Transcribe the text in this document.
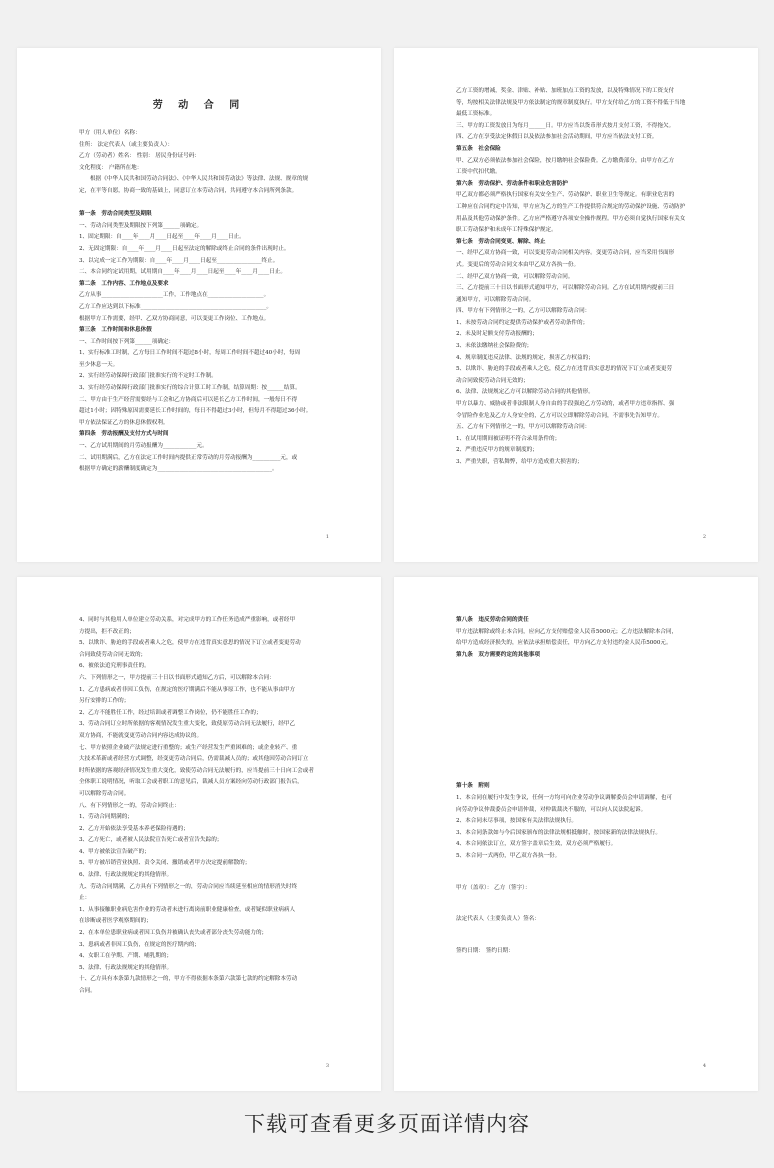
劳 动 合 同
甲方（用人单位）名称：
住所： 法定代表人（或主要负责人）：
乙方（劳动者）姓名： 性别： 居民身份证号码：
文化程度： 户籍所在地：
根据《中华人民共和国劳动合同法》、《中华人民共和国劳动法》等法律、法规、规章的规
定，在平等自愿，协商一致的基础上，同意订立本劳动合同，共同遵守本合同所列条款。
第一条　劳动合同类型及期限
一、劳动合同类型及期限按下列第______项确定。
1、固定期限：自____年____月____日起至____年____月____日止。
2、无固定期限：自____年____月____日起至法定的解除或终止合同的条件出现时止。
3、以完成一定工作为期限：自____年____月____日起至________________终止。
二、本合同约定试用期，试用期自____年____月____日起至____年____月____日止。
第二条　工作内容、工作地点及要求
乙方从事______________________工作，工作地点在____________________。
乙方工作应达到以下标准_____________________________________________。
根据甲方工作需要，经甲、乙双方协商同意，可以变更工作岗位、工作地点。
第三条　工作时间和休息休假
一、工作时间按下列第______项确定：
1、实行标准工时制，乙方每日工作时间不超过8小时，每周工作时间不超过40小时，每周
至少休息一天。
2、实行经劳动保障行政部门批准实行的不定时工作制。
3、实行经劳动保障行政部门批准实行的综合计算工时工作制，结算周期：按______结算。
二、甲方由于生产经营需要经与工会和乙方协商后可以延长乙方工作时间，一般每日不得
超过1小时；因特殊原因需要延长工作时间的，每日不得超过3小时，但每月不得超过36小时。
甲方依法保证乙方的休息休假权利。
第四条　劳动报酬及支付方式与时间
一、乙方试用期间的月劳动报酬为____________元。
二、试用期满后，乙方在法定工作时间内提供正常劳动的月劳动报酬为__________元，或
根据甲方确定的薪酬制度确定为_________________________________________。
1
乙方工资的增减，奖金、津贴、补贴、加班加点工资的发放，以及特殊情况下的工资支付
等，均按相关法律法规及甲方依法制定的规章制度执行。甲方支付给乙方的工资不得低于当地
最低工资标准。
三、甲方的工资发放日为每月______日。甲方应当以货币形式按月支付工资，不得拖欠。
四、乙方在享受法定休假日以及依法参加社会活动期间，甲方应当依法支付工资。
第五条　社会保险
甲、乙双方必须依法参加社会保险，按月缴纳社会保险费。乙方缴费部分，由甲方在乙方
工资中代扣代缴。
第六条　劳动保护、劳动条件和职业危害防护
甲乙双方都必须严格执行国家有关安全生产、劳动保护、职业卫生等规定。有职业危害的
工种应在合同约定中告知，甲方应为乙方的生产工作提供符合规定的劳动保护设施、劳动防护
用品及其他劳动保护条件。乙方应严格遵守各项安全操作规程。甲方必须自觉执行国家有关女
职工劳动保护和未成年工特殊保护规定。
第七条　劳动合同变更、解除、终止
一、经甲乙双方协商一致，可以变更劳动合同相关内容。变更劳动合同，应当采用书面形
式。变更后的劳动合同文本由甲乙双方各执一份。
二、经甲乙双方协商一致，可以解除劳动合同。
三、乙方提前三十日以书面形式通知甲方，可以解除劳动合同。乙方在试用期内提前三日
通知甲方，可以解除劳动合同。
四、甲方有下列情形之一的，乙方可以解除劳动合同：
1、未按劳动合同约定提供劳动保护或者劳动条件的；
2、未及时足额支付劳动报酬的；
3、未依法缴纳社会保险费的；
4、规章制度违反法律、法规的规定，损害乙方权益的；
5、以欺诈、胁迫的手段或者乘人之危，使乙方在违背真实意思的情况下订立或者变更劳
动合同致使劳动合同无效的；
6、法律、法规规定乙方可以解除劳动合同的其他情形。
甲方以暴力、威胁或者非法限制人身自由的手段强迫乙方劳动的，或者甲方违章指挥、强
令冒险作业危及乙方人身安全的，乙方可以立即解除劳动合同，不需事先告知甲方。
五、乙方有下列情形之一的，甲方可以解除劳动合同：
1、在试用期间被证明不符合录用条件的；
2、严重违反甲方的规章制度的；
3、严重失职，营私舞弊，给甲方造成重大损害的；
2
4、同时与其他用人单位建立劳动关系，对完成甲方的工作任务造成严重影响，或者经甲
方提出，拒不改正的；
5、以欺诈、胁迫的手段或者乘人之危，使甲方在违背真实意思的情况下订立或者变更劳动
合同致使劳动合同无效的；
6、被依法追究刑事责任的。
六、下列情形之一，甲方提前三十日以书面形式通知乙方后，可以解除本合同：
1、乙方患病或者非因工负伤，在规定的医疗期满后不能从事原工作，也不能从事由甲方
另行安排的工作的；
2、乙方不能胜任工作，经过培训或者调整工作岗位，仍不能胜任工作的；
3、劳动合同订立时所依据的客观情况发生重大变化，致使原劳动合同无法履行，经甲乙
双方协商，不能就变更劳动合同内容达成协议的。
七、甲方依照企业破产法规定进行重整的；或生产经营发生严重困难的；或企业转产、重
大技术革新或者经营方式调整，经变更劳动合同后，仍需裁减人员的；或其他因劳动合同订立
时所依据的客观经济情况发生重大变化，致使劳动合同无法履行的，应当提前三十日向工会或者
全体职工说明情况，听取工会或者职工的意见后，裁减人员方案经向劳动行政部门报告后，
可以解除劳动合同。
八、有下列情形之一的，劳动合同终止：
1、劳动合同期满的；
2、乙方开始依法享受基本养老保险待遇的；
3、乙方死亡，或者被人民法院宣告死亡或者宣告失踪的；
4、甲方被依法宣告破产的；
5、甲方被吊销营业执照、责令关闭、撤销或者甲方决定提前解散的；
6、法律、行政法规规定的其他情形。
九、劳动合同期满，乙方具有下列情形之一的，劳动合同应当续延至相应的情形消失时终
止：
1、从事接触职业病危害作业的劳动者未进行离岗前职业健康检查，或者疑似职业病病人
在诊断或者医学观察期间的；
2、在本单位患职业病或者因工负伤并被确认丧失或者部分丧失劳动能力的；
3、患病或者非因工负伤，在规定的医疗期内的；
4、女职工在孕期、产期、哺乳期的；
5、法律、行政法规规定的其他情形。
十、乙方具有本条第九款情形之一的，甲方不得依据本条第六款第七款的约定解除本劳动
合同。
3
第八条　违反劳动合同的责任
甲方违法解除或终止本合同，应向乙方支付赔偿金人民币5000元；乙方违法解除本合同，
给甲方造成经济损失的，应依法承担赔偿责任，甲方向乙方支付违约金人民币5000元。
第九条　双方需要约定的其他事项
第十条　附则
1、本合同在履行中发生争议，任何一方均可向企业劳动争议调解委员会申请调解，也可
向劳动争议仲裁委员会申请仲裁，对仲裁裁决不服的，可以向人民法院起诉。
2、本合同未尽事项，按国家有关法律法规执行。
3、本合同条款如与今后国家颁布的法律法规相抵触时，按国家新的法律法规执行。
4、本合同依法订立，双方签字盖章后生效，双方必须严格履行。
5、本合同一式两份，甲乙双方各执一份。
甲方（盖章）： 乙方（签字）：
法定代表人（主要负责人）签名：
签约日期： 签约日期：
4
下载可查看更多页面详情内容
